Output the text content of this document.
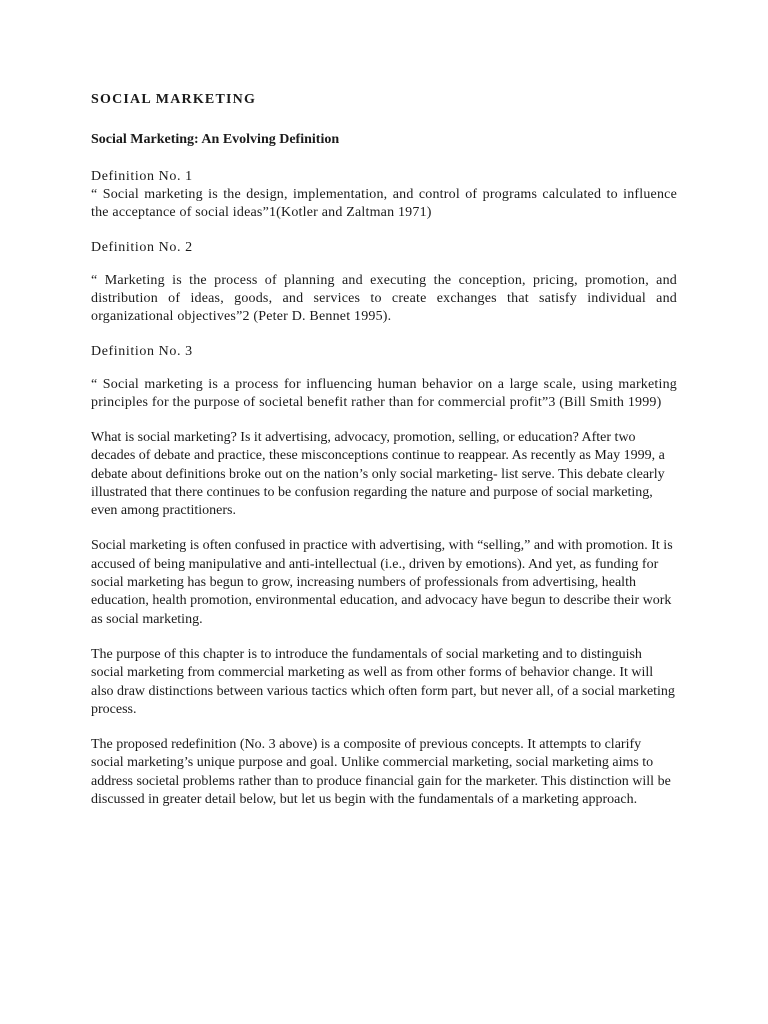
SOCIAL MARKETING
Social Marketing: An Evolving Definition

Definition No. 1

“ Social marketing is the design, implementation, and control of programs calculated to influence the acceptance of social ideas”1(Kotler and Zaltman 1971)

Definition No. 2

“ Marketing is the process of planning and executing the conception, pricing, promotion, and distribution of ideas, goods, and services to create exchanges that satisfy individual and organizational objectives”2 (Peter D. Bennet 1995).

Definition No. 3

“ Social marketing is a process for influencing human behavior on a large scale, using marketing principles for the purpose of societal benefit rather than for commercial profit”3 (Bill Smith 1999)

What is social marketing? Is it advertising, advocacy, promotion, selling, or education? After two decades of debate and practice, these misconceptions continue to reappear. As recently as May 1999, a debate about definitions broke out on the nation’s only social marketing- list serve. This debate clearly illustrated that there continues to be confusion regarding the nature and purpose of social marketing, even among practitioners.

Social marketing is often confused in practice with advertising, with “selling,” and with promotion. It is accused of being manipulative and anti-intellectual (i.e., driven by emotions). And yet, as funding for social marketing has begun to grow, increasing numbers of professionals from advertising, health education, health promotion, environmental education, and advocacy have begun to describe their work as social marketing.

The purpose of this chapter is to introduce the fundamentals of social marketing and to distinguish social marketing from commercial marketing as well as from other forms of behavior change. It will also draw distinctions between various tactics which often form part, but never all, of a social marketing process.

The proposed redefinition (No. 3 above) is a composite of previous concepts. It attempts to clarify social marketing’s unique purpose and goal. Unlike commercial marketing, social marketing aims to address societal problems rather than to produce financial gain for the marketer. This distinction will be discussed in greater detail below, but let us begin with the fundamentals of a marketing approach.
